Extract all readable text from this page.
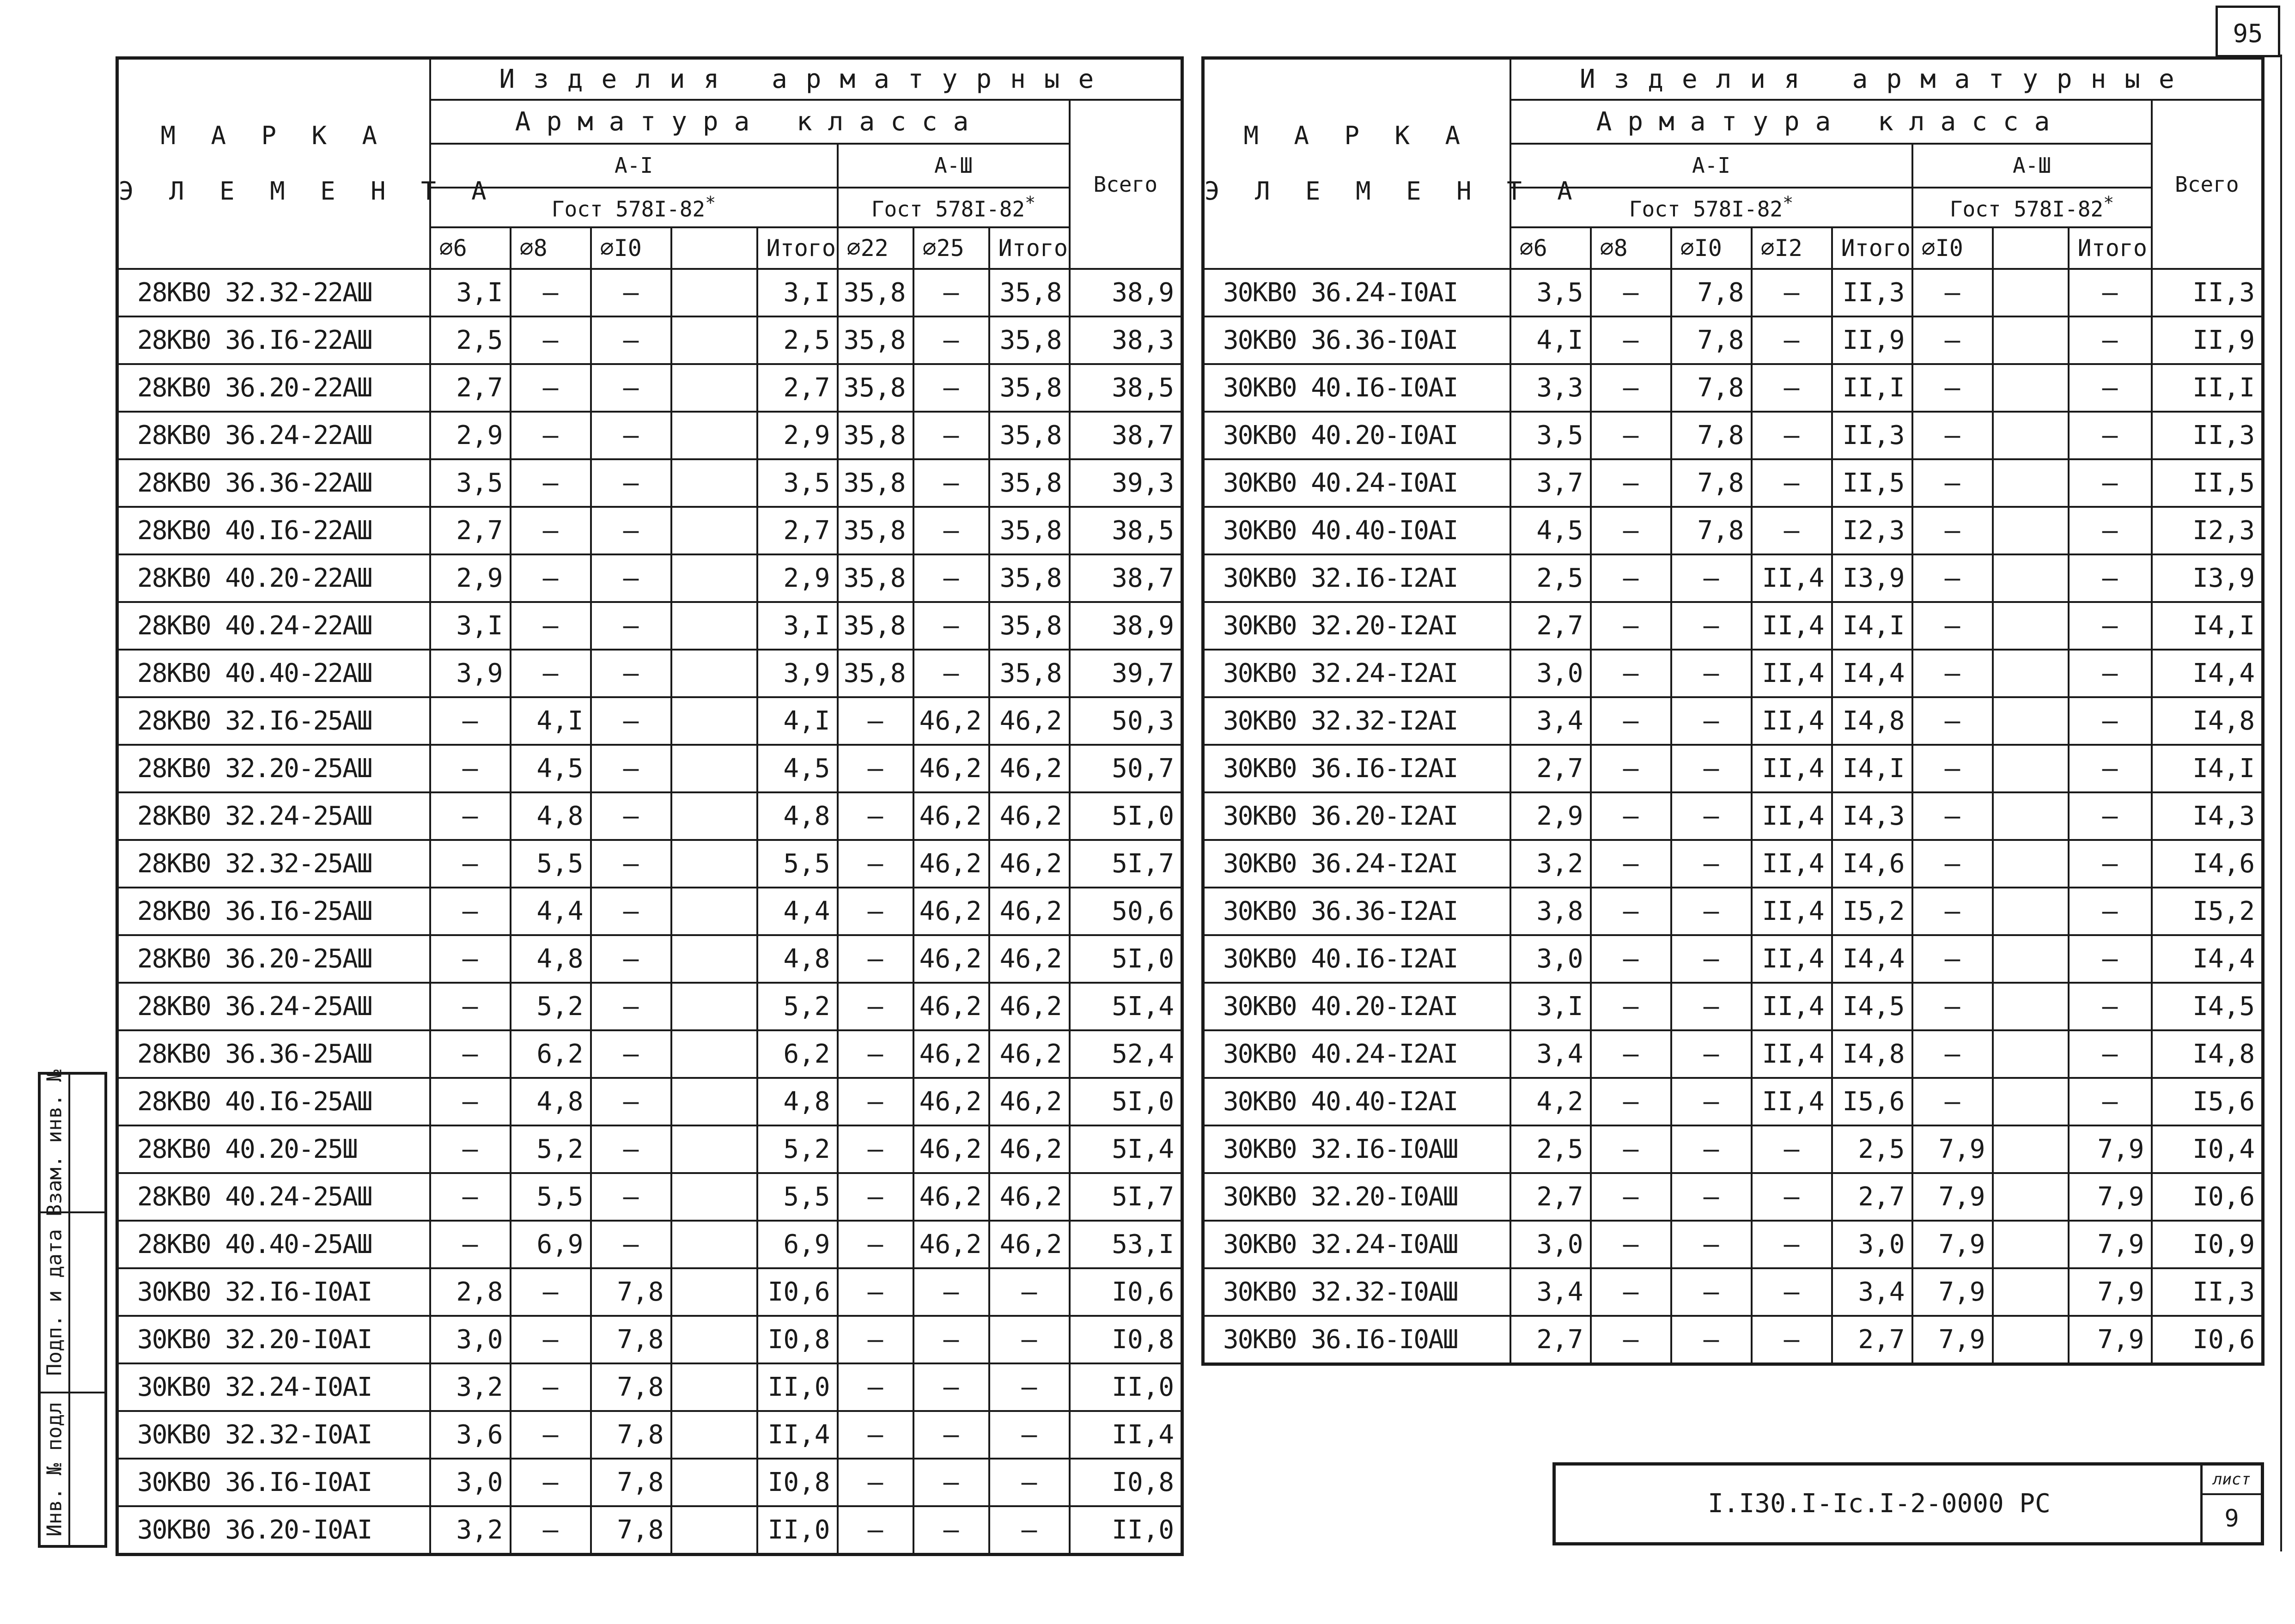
95
М А Р К А
Э Л Е М Е Н Т А	Изделия арматурные								
	Арматура класса								Всего
	А-I					А-Ш			
	Гост 578I-82*					Гост 578I-82*
	⌀6	⌀8	⌀I0		Итого	⌀22	⌀25	Итого	
28КВ0 32.32-22АШ	3,I	–	–		3,I	35,8	–	35,8	38,9
28КВ0 36.I6-22АШ	2,5	–	–		2,5	35,8	–	35,8	38,3
28КВ0 36.20-22АШ	2,7	–	–		2,7	35,8	–	35,8	38,5
28КВ0 36.24-22АШ	2,9	–	–		2,9	35,8	–	35,8	38,7
28КВ0 36.36-22АШ	3,5	–	–		3,5	35,8	–	35,8	39,3
28КВ0 40.I6-22АШ	2,7	–	–		2,7	35,8	–	35,8	38,5
28КВ0 40.20-22АШ	2,9	–	–		2,9	35,8	–	35,8	38,7
28КВ0 40.24-22АШ	3,I	–	–		3,I	35,8	–	35,8	38,9
28КВ0 40.40-22АШ	3,9	–	–		3,9	35,8	–	35,8	39,7
28КВ0 32.I6-25АШ	–	4,I	–		4,I	–	46,2	46,2	50,3
28КВ0 32.20-25АШ	–	4,5	–		4,5	–	46,2	46,2	50,7
28КВ0 32.24-25АШ	–	4,8	–		4,8	–	46,2	46,2	5I,0
28КВ0 32.32-25АШ	–	5,5	–		5,5	–	46,2	46,2	5I,7
28КВ0 36.I6-25АШ	–	4,4	–		4,4	–	46,2	46,2	50,6
28КВ0 36.20-25АШ	–	4,8	–		4,8	–	46,2	46,2	5I,0
28КВ0 36.24-25АШ	–	5,2	–		5,2	–	46,2	46,2	5I,4
28КВ0 36.36-25АШ	–	6,2	–		6,2	–	46,2	46,2	52,4
28КВ0 40.I6-25АШ	–	4,8	–		4,8	–	46,2	46,2	5I,0
28КВ0 40.20-25Ш	–	5,2	–		5,2	–	46,2	46,2	5I,4
28КВ0 40.24-25АШ	–	5,5	–		5,5	–	46,2	46,2	5I,7
28КВ0 40.40-25АШ	–	6,9	–		6,9	–	46,2	46,2	53,I
30КВ0 32.I6-I0АI	2,8	–	7,8		I0,6	–	–	–	I0,6
30КВ0 32.20-I0АI	3,0	–	7,8		I0,8	–	–	–	I0,8
30КВ0 32.24-I0АI	3,2	–	7,8		II,0	–	–	–	II,0
30КВ0 32.32-I0АI	3,6	–	7,8		II,4	–	–	–	II,4
30КВ0 36.I6-I0АI	3,0	–	7,8		I0,8	–	–	–	I0,8
30КВ0 36.20-I0АI	3,2	–	7,8		II,0	–	–	–	II,0
М А Р К А
Э Л Е М Е Н Т А	Изделия арматурные								
	Арматура класса								Всего
	А-I					А-Ш			
	Гост 578I-82*					Гост 578I-82*
	⌀6	⌀8	⌀I0	⌀I2	Итого	⌀I0		Итого	
30КВ0 36.24-I0АI	3,5	–	7,8	–	II,3	–		–	II,3
30КВ0 36.36-I0АI	4,I	–	7,8	–	II,9	–		–	II,9
30КВ0 40.I6-I0АI	3,3	–	7,8	–	II,I	–		–	II,I
30КВ0 40.20-I0АI	3,5	–	7,8	–	II,3	–		–	II,3
30КВ0 40.24-I0АI	3,7	–	7,8	–	II,5	–		–	II,5
30КВ0 40.40-I0АI	4,5	–	7,8	–	I2,3	–		–	I2,3
30КВ0 32.I6-I2АI	2,5	–	–	II,4	I3,9	–		–	I3,9
30КВ0 32.20-I2АI	2,7	–	–	II,4	I4,I	–		–	I4,I
30КВ0 32.24-I2АI	3,0	–	–	II,4	I4,4	–		–	I4,4
30КВ0 32.32-I2АI	3,4	–	–	II,4	I4,8	–		–	I4,8
30КВ0 36.I6-I2АI	2,7	–	–	II,4	I4,I	–		–	I4,I
30КВ0 36.20-I2АI	2,9	–	–	II,4	I4,3	–		–	I4,3
30КВ0 36.24-I2АI	3,2	–	–	II,4	I4,6	–		–	I4,6
30КВ0 36.36-I2АI	3,8	–	–	II,4	I5,2	–		–	I5,2
30КВ0 40.I6-I2АI	3,0	–	–	II,4	I4,4	–		–	I4,4
30КВ0 40.20-I2АI	3,I	–	–	II,4	I4,5	–		–	I4,5
30КВ0 40.24-I2АI	3,4	–	–	II,4	I4,8	–		–	I4,8
30КВ0 40.40-I2АI	4,2	–	–	II,4	I5,6	–		–	I5,6
30КВ0 32.I6-I0АШ	2,5	–	–	–	2,5	7,9		7,9	I0,4
30КВ0 32.20-I0АШ	2,7	–	–	–	2,7	7,9		7,9	I0,6
30КВ0 32.24-I0АШ	3,0	–	–	–	3,0	7,9		7,9	I0,9
30КВ0 32.32-I0АШ	3,4	–	–	–	3,4	7,9		7,9	II,3
30КВ0 36.I6-I0АШ	2,7	–	–	–	2,7	7,9		7,9	I0,6
I.I30.I-Iс.I-2-0000 РС
лист
9
Взам. инв. №
Подп. и дата
Инв. № подл
